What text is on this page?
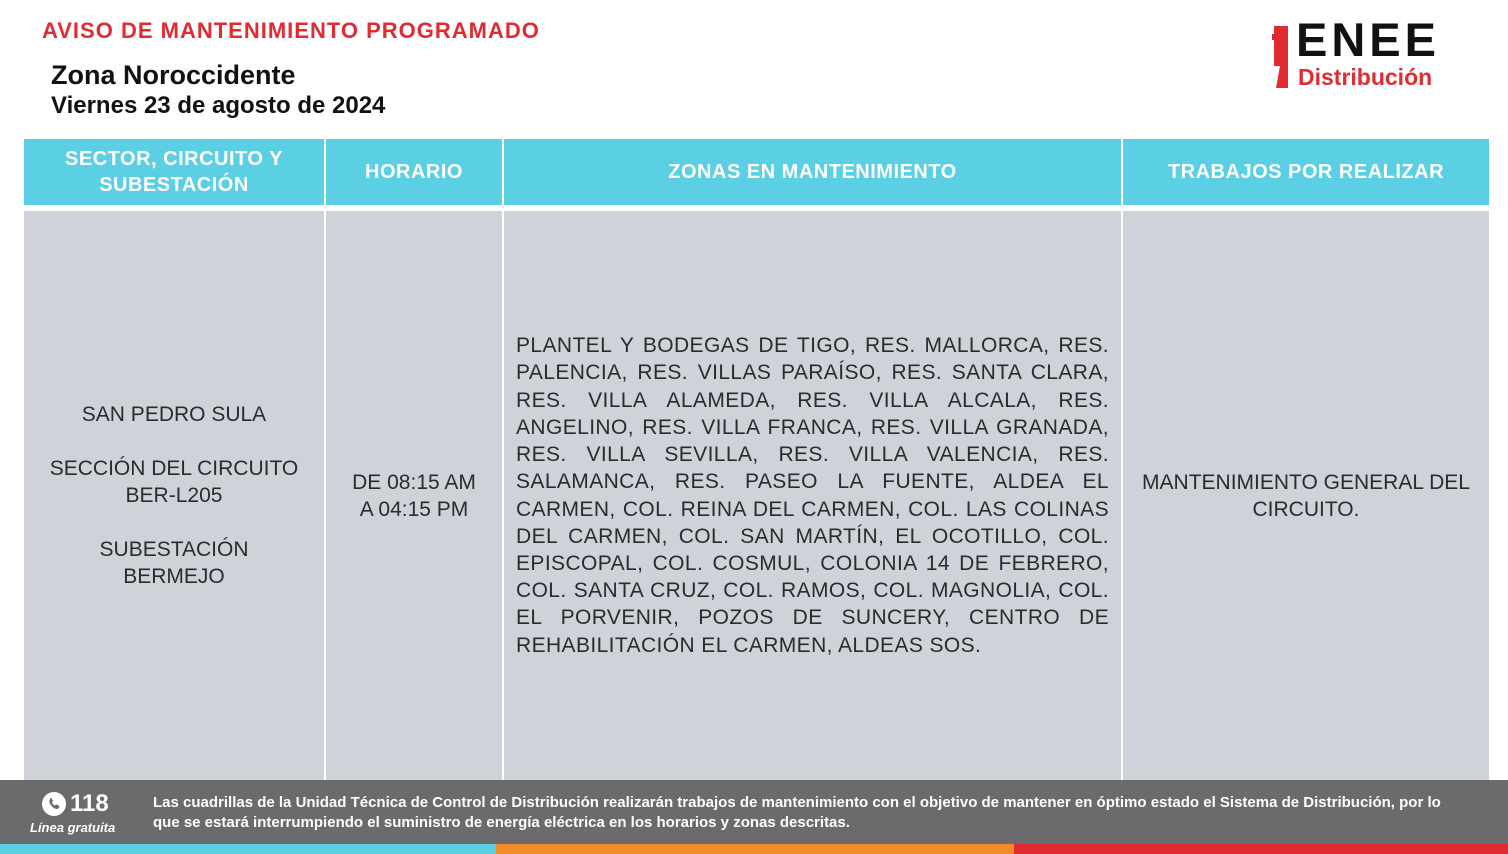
AVISO DE MANTENIMIENTO PROGRAMADO
Zona Noroccidente
Viernes 23 de agosto de 2024
ENEE
Distribución
SECTOR, CIRCUITO Y SUBESTACIÓN
HORARIO	ZONAS EN MANTENIMIENTO	TRABAJOS POR REALIZAR
SAN PEDRO SULA

SECCIÓN DEL CIRCUITO BER-L205

SUBESTACIÓN BERMEJO
DE 08:15 AM
A 04:15 PM
PLANTEL Y BODEGAS DE TIGO, RES. MALLORCA, RES. PALENCIA, RES. VILLAS PARAÍSO, RES. SANTA CLARA, RES. VILLA ALAMEDA, RES. VILLA ALCALA, RES. ANGELINO, RES. VILLA FRANCA, RES. VILLA GRANADA, RES. VILLA SEVILLA, RES. VILLA VALENCIA, RES. SALAMANCA, RES. PASEO LA FUENTE, ALDEA EL CARMEN, COL. REINA DEL CARMEN, COL. LAS COLINAS DEL CARMEN, COL. SAN MARTÍN, EL OCOTILLO, COL. EPISCOPAL, COL. COSMUL, COLONIA 14 DE FEBRERO, COL. SANTA CRUZ, COL. RAMOS, COL. MAGNOLIA, COL. EL PORVENIR, POZOS DE SUNCERY, CENTRO DE REHABILITACIÓN EL CARMEN, ALDEAS SOS.
MANTENIMIENTO GENERAL DEL CIRCUITO.
118
Línea gratuita
Las cuadrillas de la Unidad Técnica de Control de Distribución realizarán trabajos de mantenimiento con el objetivo de mantener en óptimo estado el Sistema de Distribución, por lo que se estará interrumpiendo el suministro de energía eléctrica en los horarios y zonas descritas.
